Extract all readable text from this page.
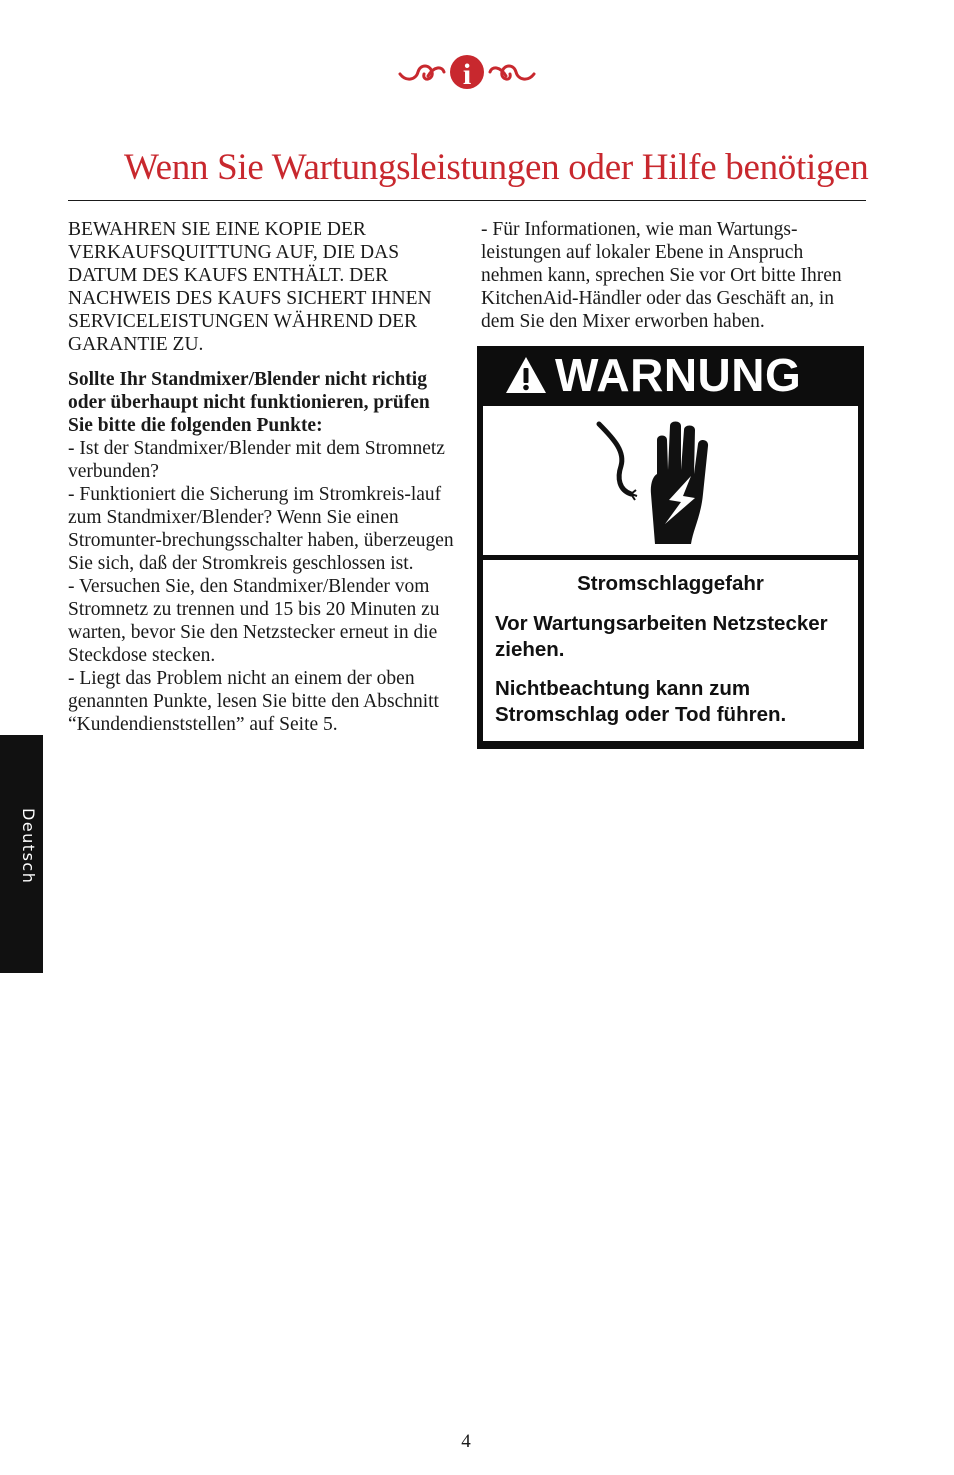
i
Wenn Sie Wartungsleistungen oder Hilfe benötigen

BEWAHREN SIE EINE KOPIE DER VERKAUFSQUITTUNG AUF, DIE DAS DATUM DES KAUFS ENTHÄLT. DER NACHWEIS DES KAUFS SICHERT IHNEN SERVICELEISTUNGEN WÄHREND DER GARANTIE ZU.

Sollte Ihr Standmixer/Blender nicht richtig oder überhaupt nicht funktionieren, prüfen Sie bitte die folgenden Punkte:

- Ist der Standmixer/Blender mit dem Stromnetz verbunden?

- Funktioniert die Sicherung im Stromkreis-lauf zum Standmixer/Blender? Wenn Sie einen Stromunter-brechungsschalter haben, überzeugen Sie sich, daß der Stromkreis geschlossen ist.

- Versuchen Sie, den Standmixer/Blender vom Stromnetz zu trennen und 15 bis 20 Minuten zu warten, bevor Sie den Netzstecker erneut in die Steckdose stecken.

- Liegt das Problem nicht an einem der oben genannten Punkte, lesen Sie bitte den Abschnitt “Kundendienststellen” auf Seite 5.

- Für Informationen, wie man Wartungs-leistungen auf lokaler Ebene in Anspruch nehmen kann, sprechen Sie vor Ort bitte Ihren KitchenAid-Händler oder das Geschäft an, in dem Sie den Mixer erworben haben.

WARNUNG
Stromschlaggefahr
Vor Wartungsarbeiten Netzstecker ziehen.
Nichtbeachtung kann zum Stromschlag oder Tod führen.
Deutsch
4
